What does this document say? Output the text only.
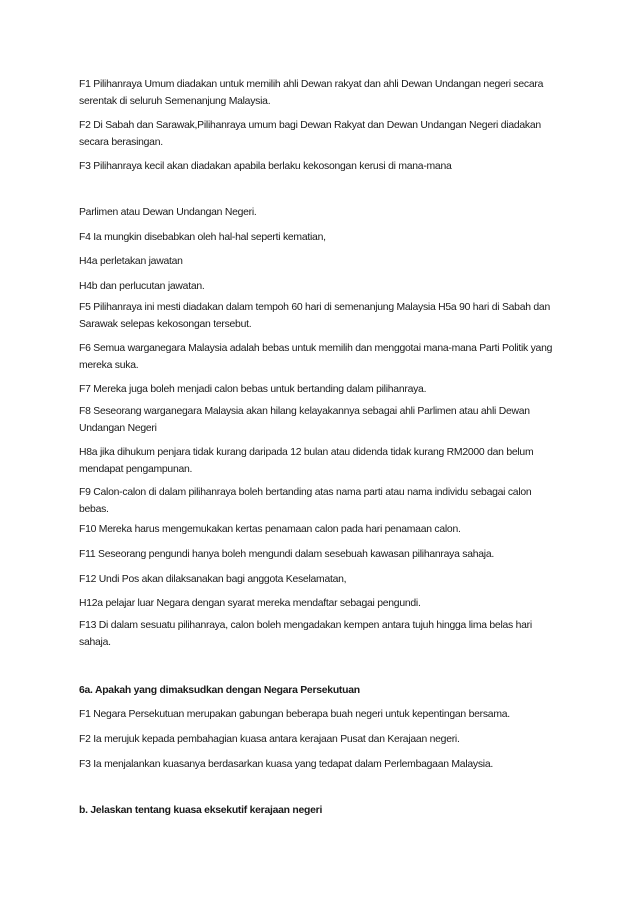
F1 Pilihanraya Umum diadakan untuk memilih ahli Dewan rakyat dan ahli Dewan Undangan negeri secara serentak di seluruh Semenanjung Malaysia.

F2 Di Sabah dan Sarawak,Pilihanraya umum bagi Dewan Rakyat dan Dewan Undangan Negeri diadakan secara berasingan.

F3 Pilihanraya kecil akan diadakan apabila berlaku kekosongan kerusi di mana-mana

Parlimen atau Dewan Undangan Negeri.

F4 Ia mungkin disebabkan oleh hal-hal seperti kematian,

H4a perletakan jawatan

H4b dan perlucutan jawatan.

F5 Pilihanraya ini mesti diadakan dalam tempoh 60 hari di semenanjung Malaysia H5a 90 hari di Sabah dan Sarawak selepas kekosongan tersebut.

F6 Semua warganegara Malaysia adalah bebas untuk memilih dan menggotai mana-mana Parti Politik yang mereka suka.

F7 Mereka juga boleh menjadi calon bebas untuk bertanding dalam pilihanraya.

F8 Seseorang warganegara Malaysia akan hilang kelayakannya sebagai ahli Parlimen atau ahli Dewan Undangan Negeri

H8a jika dihukum penjara tidak kurang daripada 12 bulan atau didenda tidak kurang RM2000 dan belum mendapat pengampunan.

F9 Calon-calon di dalam pilihanraya boleh bertanding atas nama parti atau nama individu sebagai calon bebas.

F10 Mereka harus mengemukakan kertas penamaan calon pada hari penamaan calon.

F11 Seseorang pengundi hanya boleh mengundi dalam sesebuah kawasan pilihanraya sahaja.

F12 Undi Pos akan dilaksanakan bagi anggota Keselamatan,

H12a pelajar luar Negara dengan syarat mereka mendaftar sebagai pengundi.

F13 Di dalam sesuatu pilihanraya, calon boleh mengadakan kempen antara tujuh hingga lima belas hari sahaja.

6a. Apakah yang dimaksudkan dengan Negara Persekutuan

F1 Negara Persekutuan merupakan gabungan beberapa buah negeri untuk kepentingan bersama.

F2 Ia merujuk kepada pembahagian kuasa antara kerajaan Pusat dan Kerajaan negeri.

F3 Ia menjalankan kuasanya berdasarkan kuasa yang tedapat dalam Perlembagaan Malaysia.

b. Jelaskan tentang kuasa eksekutif kerajaan negeri
